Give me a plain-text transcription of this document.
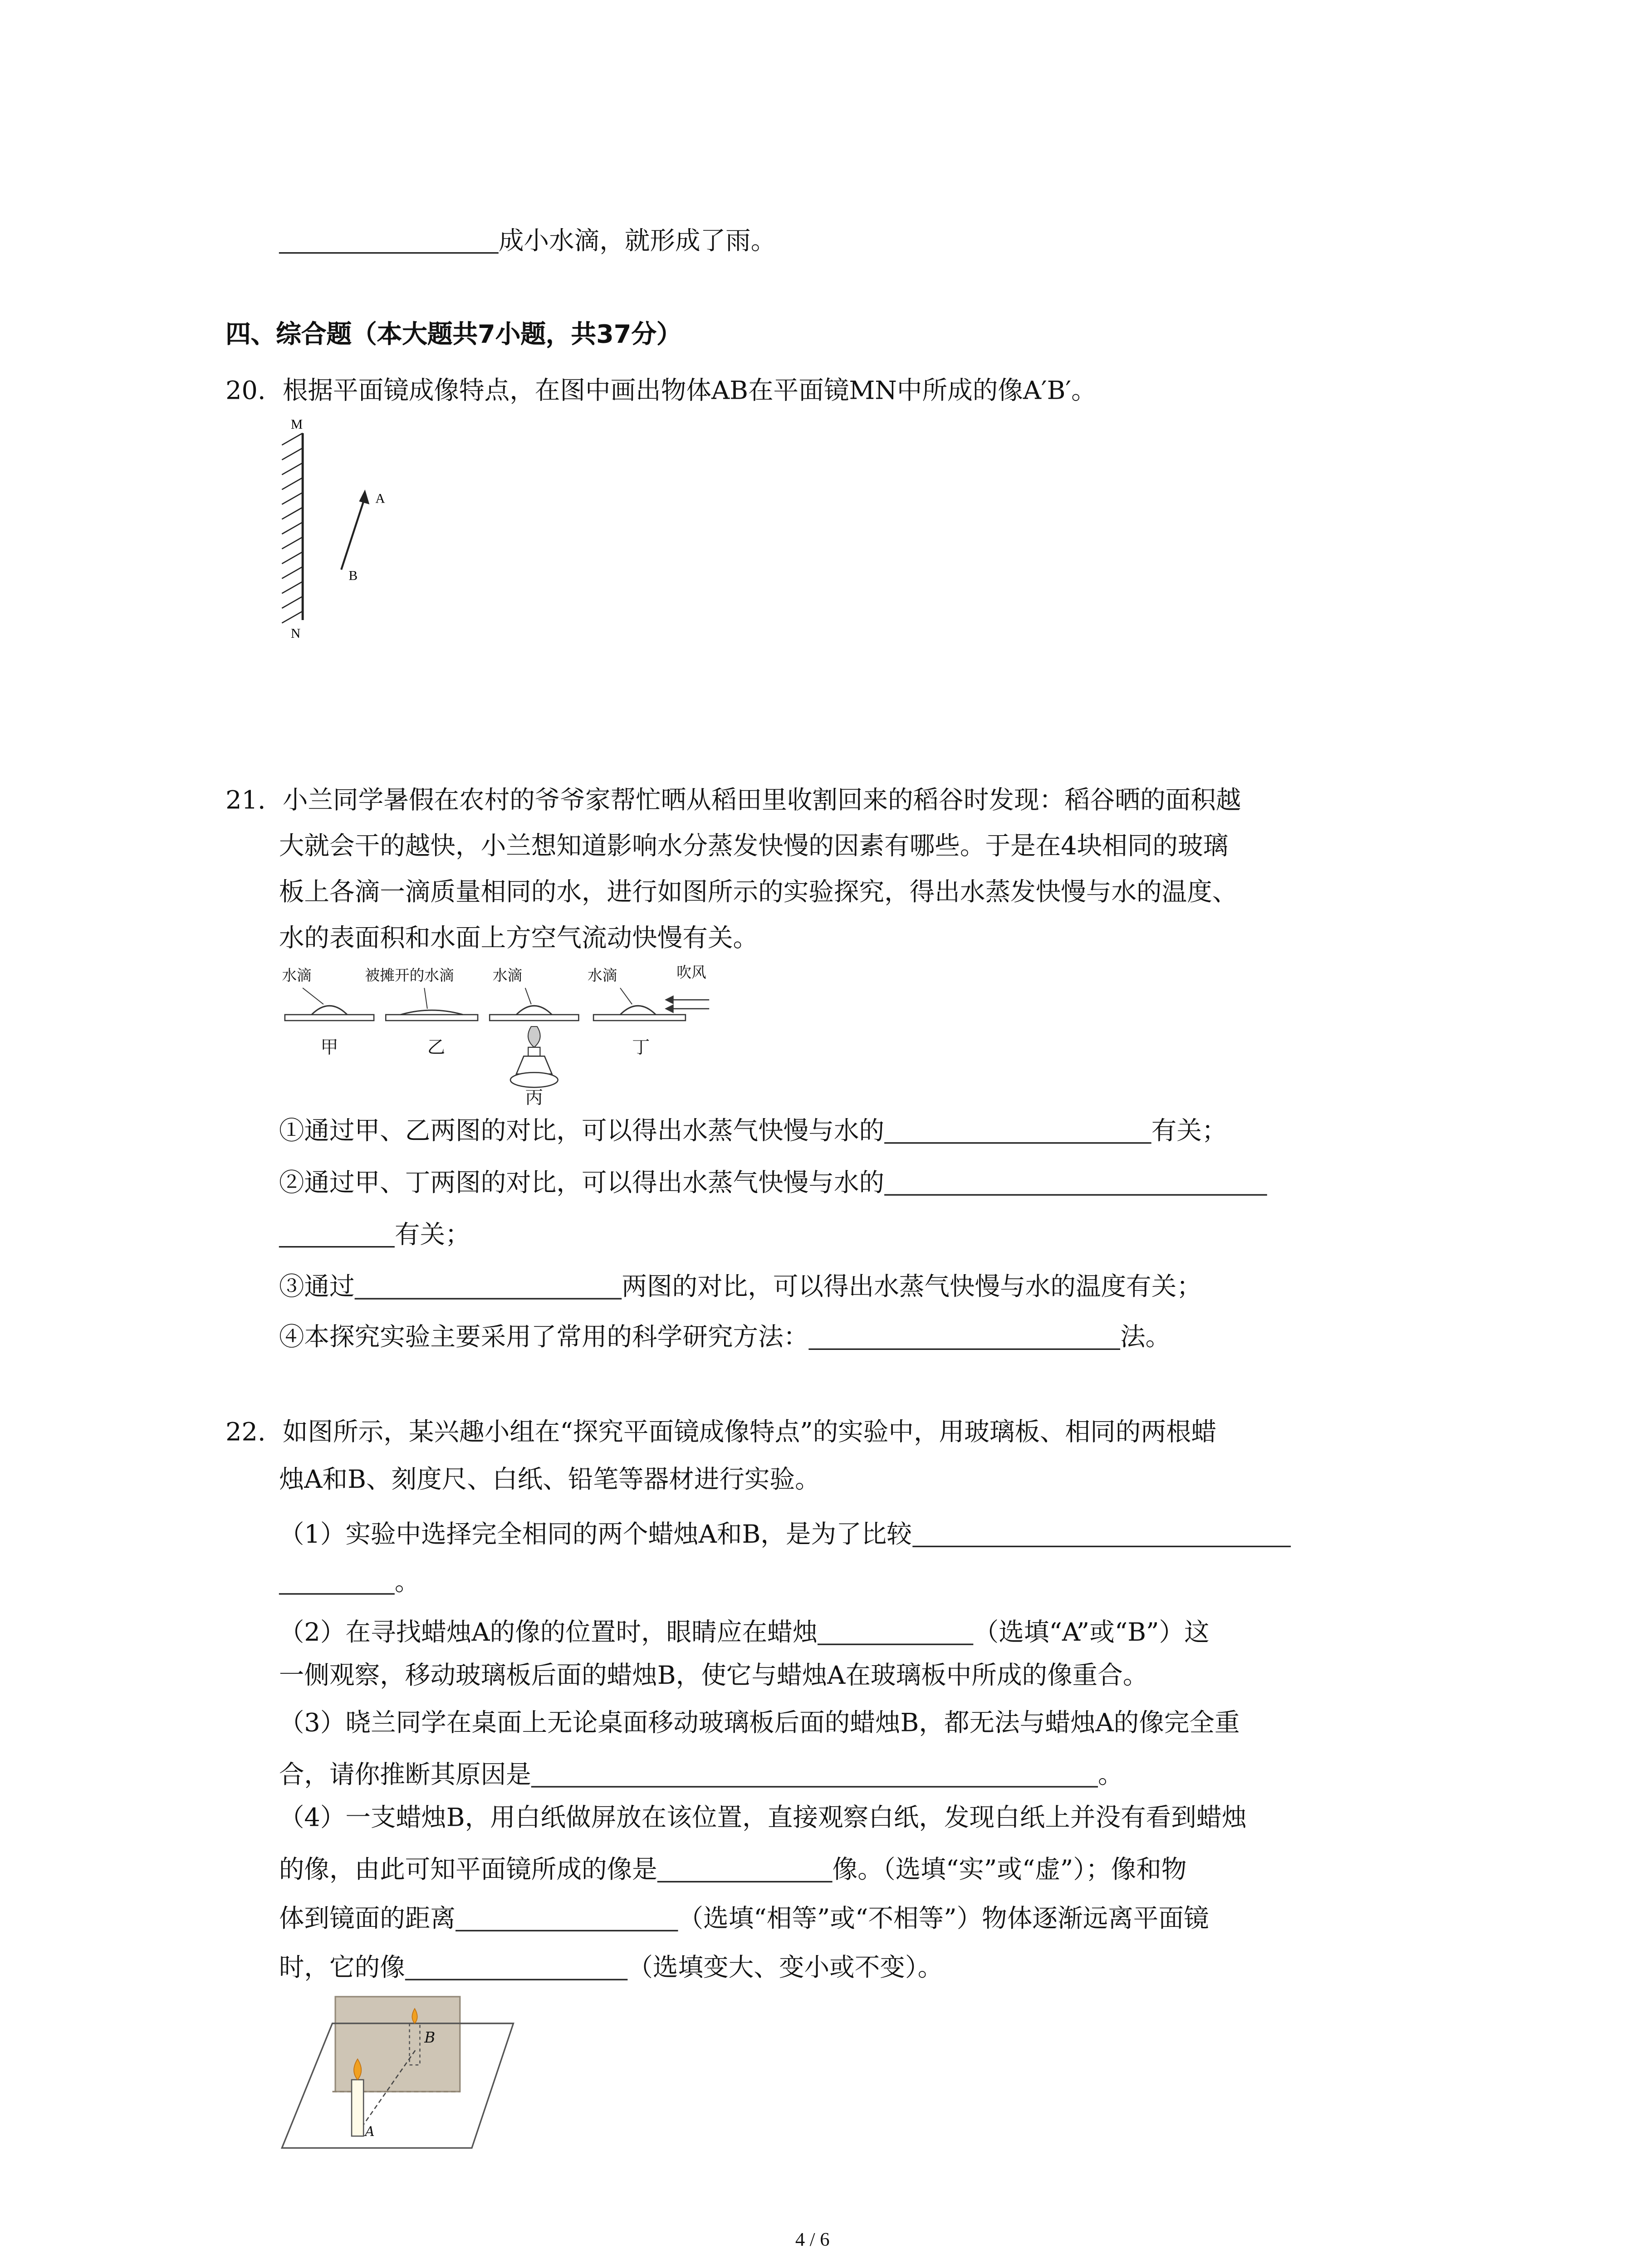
成小水滴，就形成了雨。
四、综合题（本大题共7小题，共37分）
20. 根据平面镜成像特点，在图中画出物体AB在平面镜MN中所成的像A′B′。
M
N
A
B
21. 小兰同学暑假在农村的爷爷家帮忙晒从稻田里收割回来的稻谷时发现：稻谷晒的面积越
大就会干的越快，小兰想知道影响水分蒸发快慢的因素有哪些。于是在4块相同的玻璃
板上各滴一滴质量相同的水，进行如图所示的实验探究，得出水蒸发快慢与水的温度、
水的表面积和水面上方空气流动快慢有关。
水滴	被摊开的水滴	水滴	水滴	吹风
甲	乙
丙
丁
①通过甲、乙两图的对比，可以得出水蒸气快慢与水的	有关；
②通过甲、丁两图的对比，可以得出水蒸气快慢与水的
有关；
③通过	两图的对比，可以得出水蒸气快慢与水的温度有关；
④本探究实验主要采用了常用的科学研究方法：	法。
22. 如图所示，某兴趣小组在“探究平面镜成像特点”的实验中，用玻璃板、相同的两根蜡
烛A和B、刻度尺、白纸、铅笔等器材进行实验。
（1）实验中选择完全相同的两个蜡烛A和B，是为了比较
。
（2）在寻找蜡烛A的像的位置时，眼睛应在蜡烛	（选填“A”或“B”）这
一侧观察，移动玻璃板后面的蜡烛B，使它与蜡烛A在玻璃板中所成的像重合。
（3）晓兰同学在桌面上无论桌面移动玻璃板后面的蜡烛B，都无法与蜡烛A的像完全重
合，请你推断其原因是	。
（4）一支蜡烛B，用白纸做屏放在该位置，直接观察白纸，发现白纸上并没有看到蜡烛
的像，由此可知平面镜所成的像是	像。（选填“实”或“虚”）；像和物
体到镜面的距离	（选填“相等”或“不相等”）物体逐渐远离平面镜
时，它的像	（选填变大、变小或不变）。
B
A
4 / 6
